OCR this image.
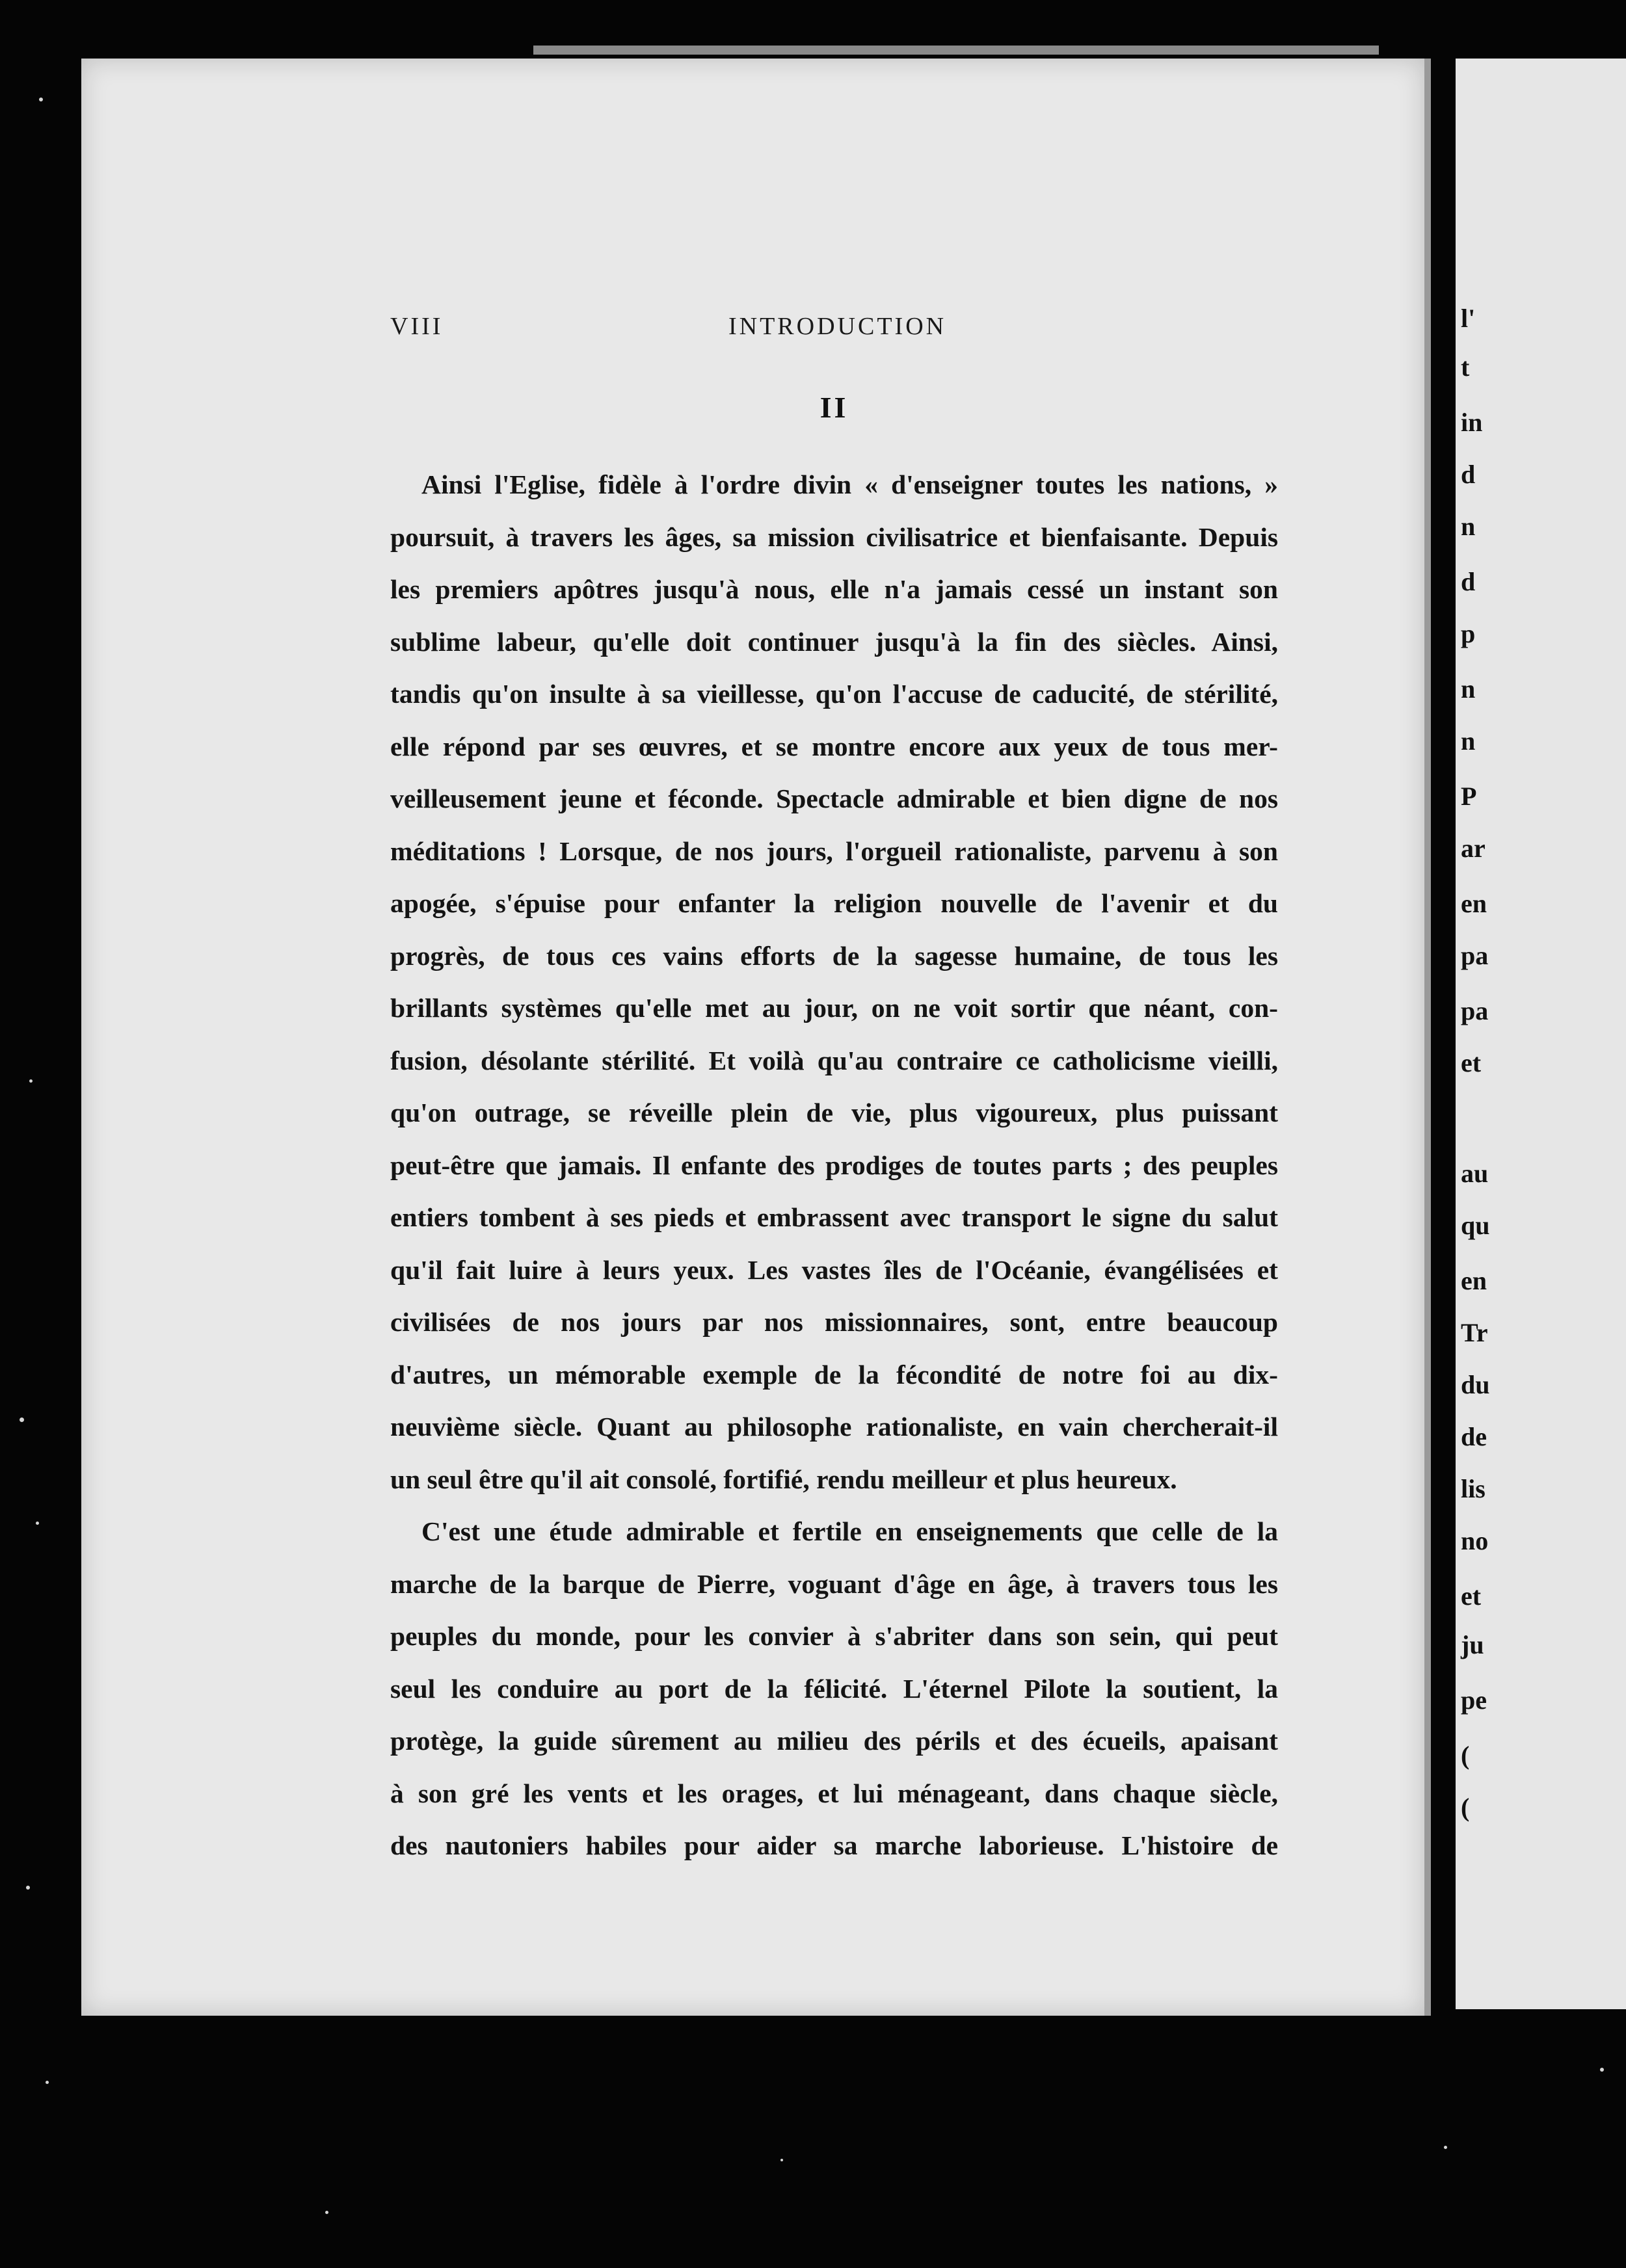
l'
t
in
d
n
d
p
n
n
P
ar
en
pa
pa
et
au
qu
en
Tr
du
de
lis
no
et
ju
pe
(
(
VIII	INTRODUCTION
II
Ainsi l'Eglise, fidèle à l'ordre divin « d'enseigner toutes les nations, »
poursuit, à travers les âges, sa mission civilisatrice et bienfaisante. Depuis
les premiers apôtres jusqu'à nous, elle n'a jamais cessé un instant son
sublime labeur, qu'elle doit continuer jusqu'à la fin des siècles. Ainsi,
tandis qu'on insulte à sa vieillesse, qu'on l'accuse de caducité, de stérilité,
elle répond par ses œuvres, et se montre encore aux yeux de tous mer-
veilleusement jeune et féconde. Spectacle admirable et bien digne de nos
méditations ! Lorsque, de nos jours, l'orgueil rationaliste, parvenu à son
apogée, s'épuise pour enfanter la religion nouvelle de l'avenir et du
progrès, de tous ces vains efforts de la sagesse humaine, de tous les
brillants systèmes qu'elle met au jour, on ne voit sortir que néant, con-
fusion, désolante stérilité. Et voilà qu'au contraire ce catholicisme vieilli,
qu'on outrage, se réveille plein de vie, plus vigoureux, plus puissant
peut-être que jamais. Il enfante des prodiges de toutes parts ; des peuples
entiers tombent à ses pieds et embrassent avec transport le signe du salut
qu'il fait luire à leurs yeux. Les vastes îles de l'Océanie, évangélisées et
civilisées de nos jours par nos missionnaires, sont, entre beaucoup
d'autres, un mémorable exemple de la fécondité de notre foi au dix-
neuvième siècle. Quant au philosophe rationaliste, en vain chercherait-il
un seul être qu'il ait consolé, fortifié, rendu meilleur et plus heureux.
C'est une étude admirable et fertile en enseignements que celle de la
marche de la barque de Pierre, voguant d'âge en âge, à travers tous les
peuples du monde, pour les convier à s'abriter dans son sein, qui peut
seul les conduire au port de la félicité. L'éternel Pilote la soutient, la
protège, la guide sûrement au milieu des périls et des écueils, apaisant
à son gré les vents et les orages, et lui ménageant, dans chaque siècle,
des nautoniers habiles pour aider sa marche laborieuse. L'histoire de
